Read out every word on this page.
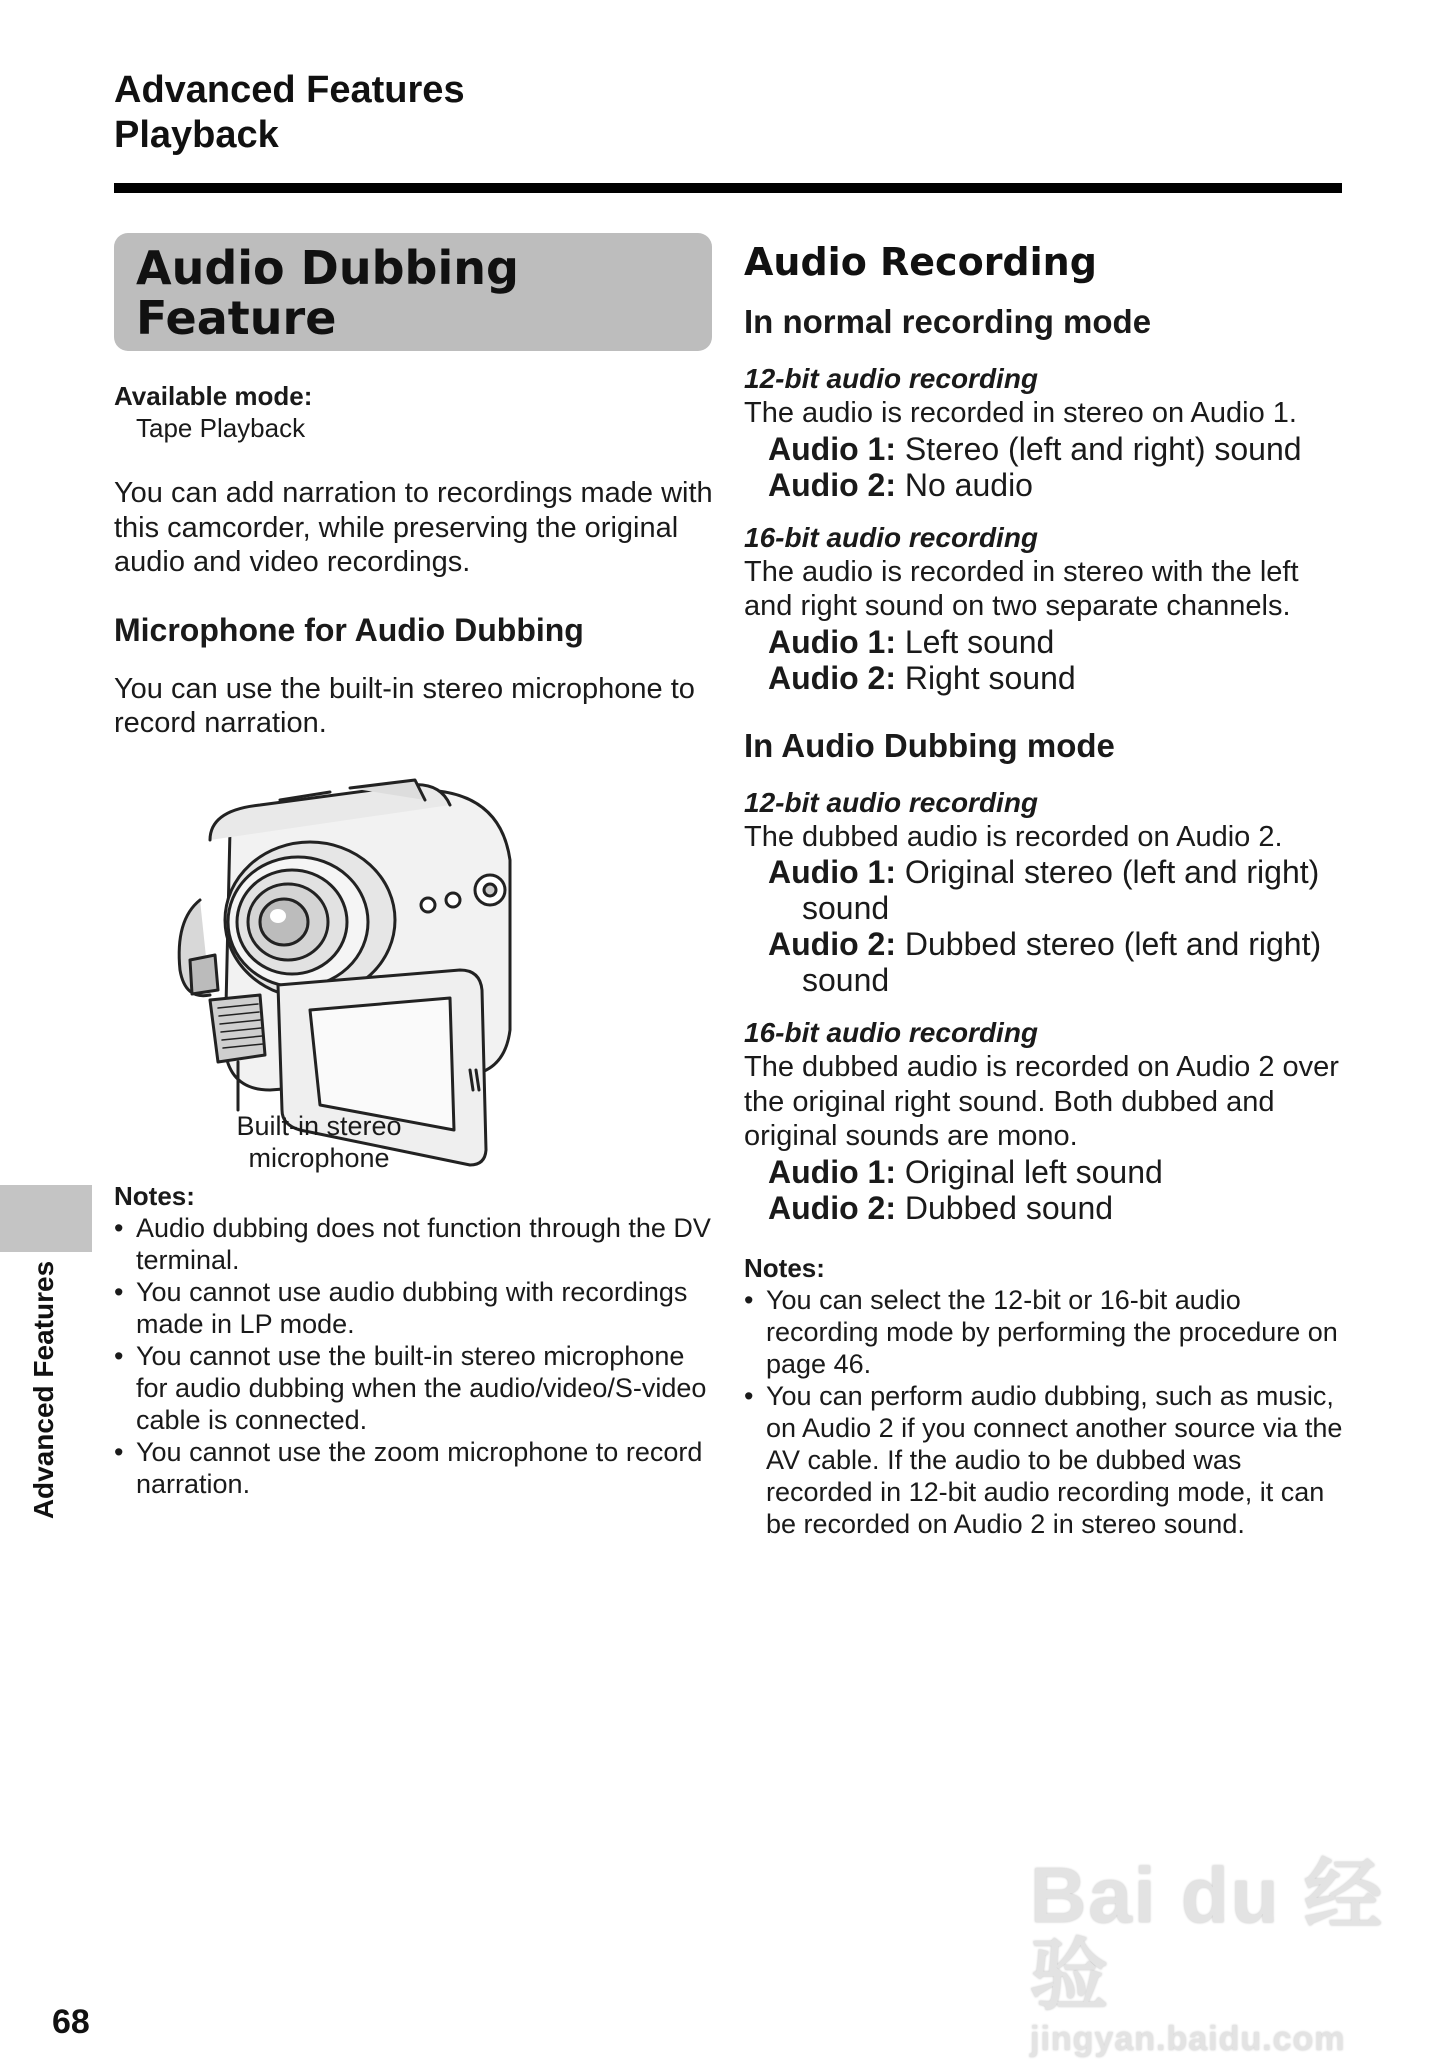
Advanced Features
Playback
Audio Dubbing
Feature
Available mode:
Tape Playback

You can add narration to recordings made with this camcorder, while preserving the original audio and video recordings.

Microphone for Audio Dubbing

You can use the built-in stereo microphone to record narration.

Built-in stereo
microphone
Notes:
• Audio dubbing does not function through the DV terminal.
• You cannot use audio dubbing with recordings made in LP mode.
• You cannot use the built-in stereo microphone for audio dubbing when the audio/video/S-video cable is connected.
• You cannot use the zoom microphone to record narration.

Audio Recording

In normal recording mode

12-bit audio recording

The audio is recorded in stereo on Audio 1.

Audio 1: Stereo (left and right) sound
Audio 2: No audio

16-bit audio recording

The audio is recorded in stereo with the left and right sound on two separate channels.

Audio 1: Left sound
Audio 2: Right sound

In Audio Dubbing mode

12-bit audio recording

The dubbed audio is recorded on Audio 2.

Audio 1: Original stereo (left and right) sound
Audio 2: Dubbed stereo (left and right) sound

16-bit audio recording

The dubbed audio is recorded on Audio 2 over the original right sound. Both dubbed and original sounds are mono.

Audio 1: Original left sound
Audio 2: Dubbed sound
Notes:
• You can select the 12-bit or 16-bit audio recording mode by performing the procedure on page 46.
• You can perform audio dubbing, such as music, on Audio 2 if you connect another source via the AV cable. If the audio to be dubbed was recorded in 12-bit audio recording mode, it can be recorded on Audio 2 in stereo sound.
Advanced Features
68
Bai du 经验
jingyan.baidu.com
